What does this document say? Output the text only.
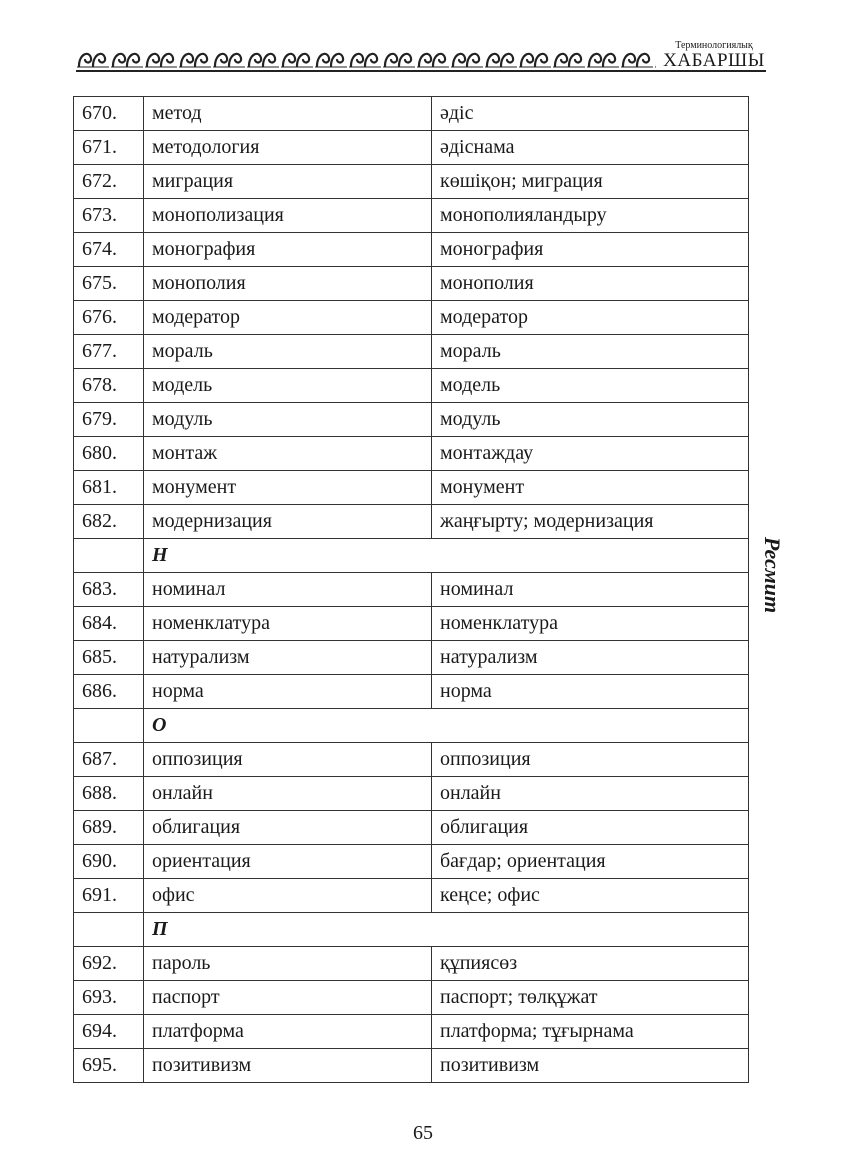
Терминологиялық
ХАБАРШЫ
670.	метод	әдіс
671.	методология	әдіснама
672.	миграция	көшіқон; миграция
673.	монополизация	монополияландыру
674.	монография	монография
675.	монополия	монополия
676.	модератор	модератор
677.	мораль	мораль
678.	модель	модель
679.	модуль	модуль
680.	монтаж	монтаждау
681.	монумент	монумент
682.	модернизация	жаңғырту; модернизация
	Н	
683.	номинал	номинал
684.	номенклатура	номенклатура
685.	натурализм	натурализм
686.	норма	норма
	О	
687.	оппозиция	оппозиция
688.	онлайн	онлайн
689.	облигация	облигация
690.	ориентация	бағдар; ориентация
691.	офис	кеңсе; офис
	П	
692.	пароль	құпиясөз
693.	паспорт	паспорт; төлқұжат
694.	платформа	платформа; тұғырнама
695.	позитивизм	позитивизм
Ресмит
65
